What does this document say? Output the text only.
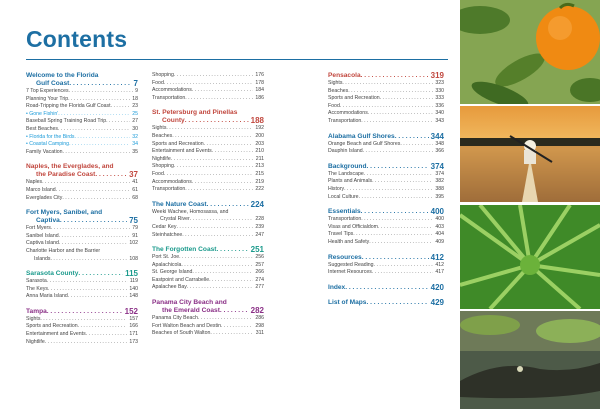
Contents
Welcome to the Florida
Gulf Coast . . .	7
7 Top Experiences . . .	9
Planning Your Trip . . .	18
Road-Tripping the Florida Gulf Coast . . .	23
• Gone Fishin' . . .	25
Baseball Spring Training Road Trip . . .	27
Best Beaches . . .	30
• Florida for the Birds . . .	32
• Coastal Camping . . .	34
Family Vacation . . .	35
Naples, the Everglades, and
the Paradise Coast . . .	37
Naples . . .	41
Marco Island . . .	61
Everglades City . . .	68
Fort Myers, Sanibel, and
Captiva . . .	75
Fort Myers . . .	79
Sanibel Island . . .	91
Captiva Island . . .	102
Charlotte Harbor and the Barrier
Islands . . .	108
Sarasota County . . .	115
Sarasota . . .	119
The Keys . . .	140
Anna Maria Island . . .	148
Tampa . . .	152
Sights . . .	157
Sports and Recreation . . .	166
Entertainment and Events . . .	171
Nightlife . . .	173
Shopping . . .	176
Food . . .	178
Accommodations . . .	184
Transportation . . .	186
St. Petersburg and Pinellas
County . . .	188
Sights . . .	192
Beaches . . .	200
Sports and Recreation . . .	203
Entertainment and Events . . .	210
Nightlife . . .	211
Shopping . . .	213
Food . . .	215
Accommodations . . .	219
Transportation . . .	222
The Nature Coast . . .	224
Weeki Wachee, Homosassa, and
Crystal River . . .	228
Cedar Key . . .	239
Steinhatchee . . .	247
The Forgotten Coast . . .	251
Port St. Joe . . .	256
Apalachicola . . .	257
St. George Island . . .	266
Eastpoint and Carrabelle . . .	274
Apalachee Bay . . .	277
Panama City Beach and
the Emerald Coast . . .	282
Panama City Beach . . .	286
Fort Walton Beach and Destin . . .	298
Beaches of South Walton . . .	311
Pensacola . . .	319
Sights . . .	323
Beaches . . .	330
Sports and Recreation . . .	333
Food . . .	336
Accommodations . . .	340
Transportation . . .	343
Alabama Gulf Shores . . .	344
Orange Beach and Gulf Shores . . .	348
Dauphin Island . . .	366
Background . . .	374
The Landscape . . .	374
Plants and Animals . . .	382
History . . .	388
Local Culture . . .	395
Essentials . . .	400
Transportation . . .	400
Visas and Officialdom . . .	403
Travel Tips . . .	404
Health and Safety . . .	409
Resources . . .	412
Suggested Reading . . .	412
Internet Resources . . .	417
Index . . .	420
List of Maps . . .	429
